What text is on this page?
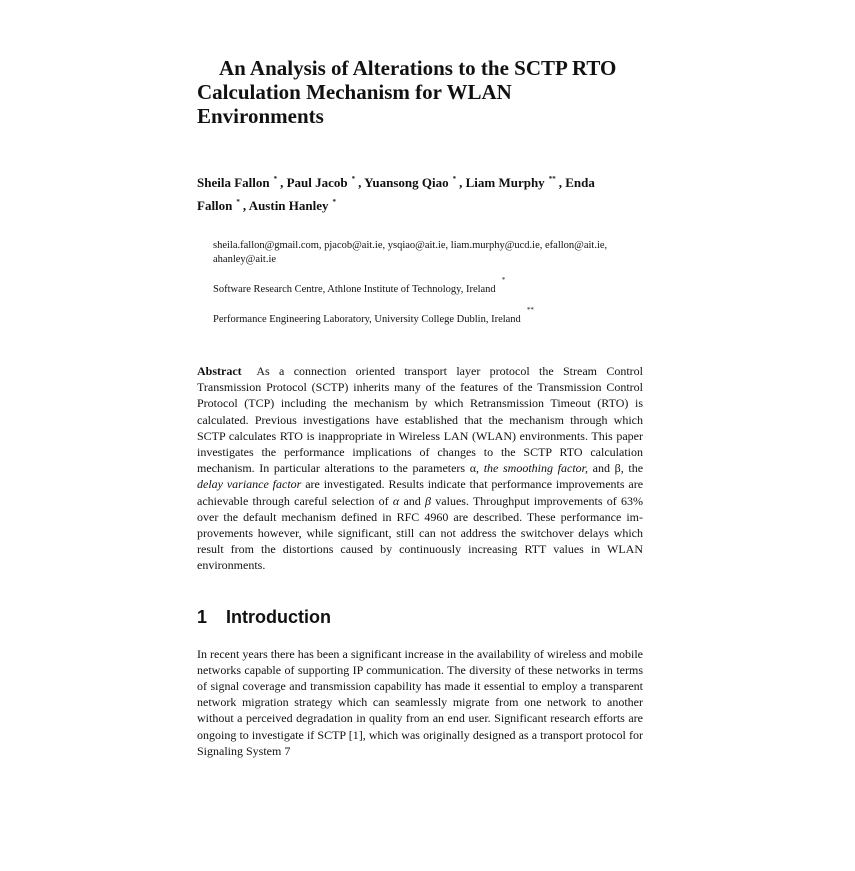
An Analysis of Alterations to the SCTP RTO
Calculation Mechanism for WLAN
Environments
Sheila Fallon * , Paul Jacob * , Yuansong Qiao * , Liam Murphy ** , Enda
Fallon * , Austin Hanley *
sheila.fallon@gmail.com, pjacob@ait.ie, ysqiao@ait.ie, liam.murphy@ucd.ie, efallon@ait.ie, ahanley@ait.ie
Software Research Centre, Athlone Institute of Technology, Ireland*
Performance Engineering Laboratory, University College Dublin, Ireland**
Abstract As a connection oriented transport layer protocol the Stream Control Transmission Protocol (SCTP) inherits many of the features of the Transmission Control Protocol (TCP) including the mechanism by which Retransmission Timeout (RTO) is calculated. Previous investigations have established that the mechanism through which SCTP calculates RTO is inappropriate in Wireless LAN (WLAN) environments. This paper investigates the performance implications of changes to the SCTP RTO calculation mechanism. In particular alterations to the parameters α, the smoothing factor, and β, the delay variance factor are investigated. Results indicate that performance improvements are achievable through careful selection of α and β values. Throughput improvements of 63% over the default mechanism defined in RFC 4960 are described. These performance improvements however, while significant, still can not address the switchover delays which result from the distortions caused by continuously increasing RTT values in WLAN environments.
1 Introduction
In recent years there has been a significant increase in the availability of wireless and mobile networks capable of supporting IP communication. The diversity of these networks in terms of signal coverage and transmission capability has made it essential to employ a transparent network migration strategy which can seamlessly migrate from one network to another without a perceived degradation in quality from an end user. Significant research efforts are ongoing to investigate if SCTP [1], which was originally designed as a transport protocol for Signaling System 7
